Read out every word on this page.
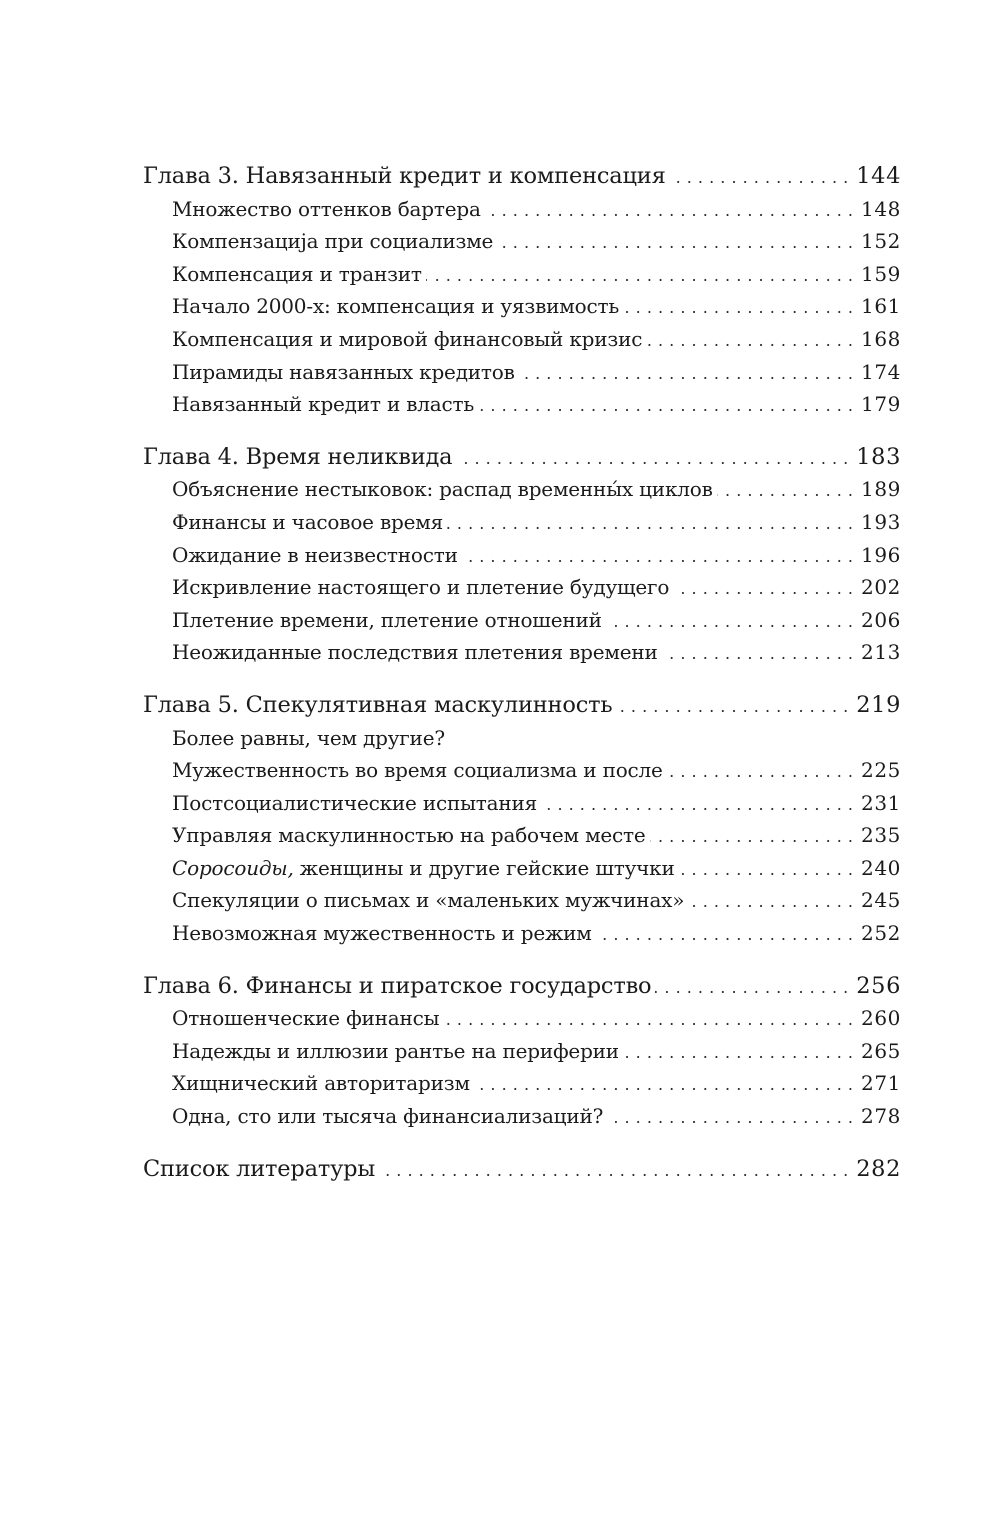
Глава 3. Навязанный кредит и компенсация . . .	144
Множество оттенков бартера . . .	148
Компензацијa при социализме . . .	152
Компенсация и транзит . . .	159
Начало 2000-х: компенсация и уязвимость . . .	161
Компенсация и мировой финансовый кризис . . .	168
Пирамиды навязанных кредитов . . .	174
Навязанный кредит и власть . . .	179
Глава 4. Время неликвида . . .	183
Объяснение нестыковок: распад временны́х циклов . . .	189
Финансы и часовое время . . .	193
Ожидание в неизвестности . . .	196
Искривление настоящего и плетение будущего . . .	202
Плетение времени, плетение отношений . . .	206
Неожиданные последствия плетения времени . . .	213
Глава 5. Спекулятивная маскулинность . . .	219
Более равны, чем другие?
Мужественность во время социализма и после . . .	225
Постсоциалистические испытания . . .	231
Управляя маскулинностью на рабочем месте . . .	235
Соросоиды, женщины и другие гейские штучки . . .	240
Спекуляции о письмах и «маленьких мужчинах» . . .	245
Невозможная мужественность и режим . . .	252
Глава 6. Финансы и пиратское государство . . .	256
Отношенческие финансы . . .	260
Надежды и иллюзии рантье на периферии . . .	265
Хищнический авторитаризм . . .	271
Одна, сто или тысяча финансиализаций? . . .	278
Список литературы . . .	282
